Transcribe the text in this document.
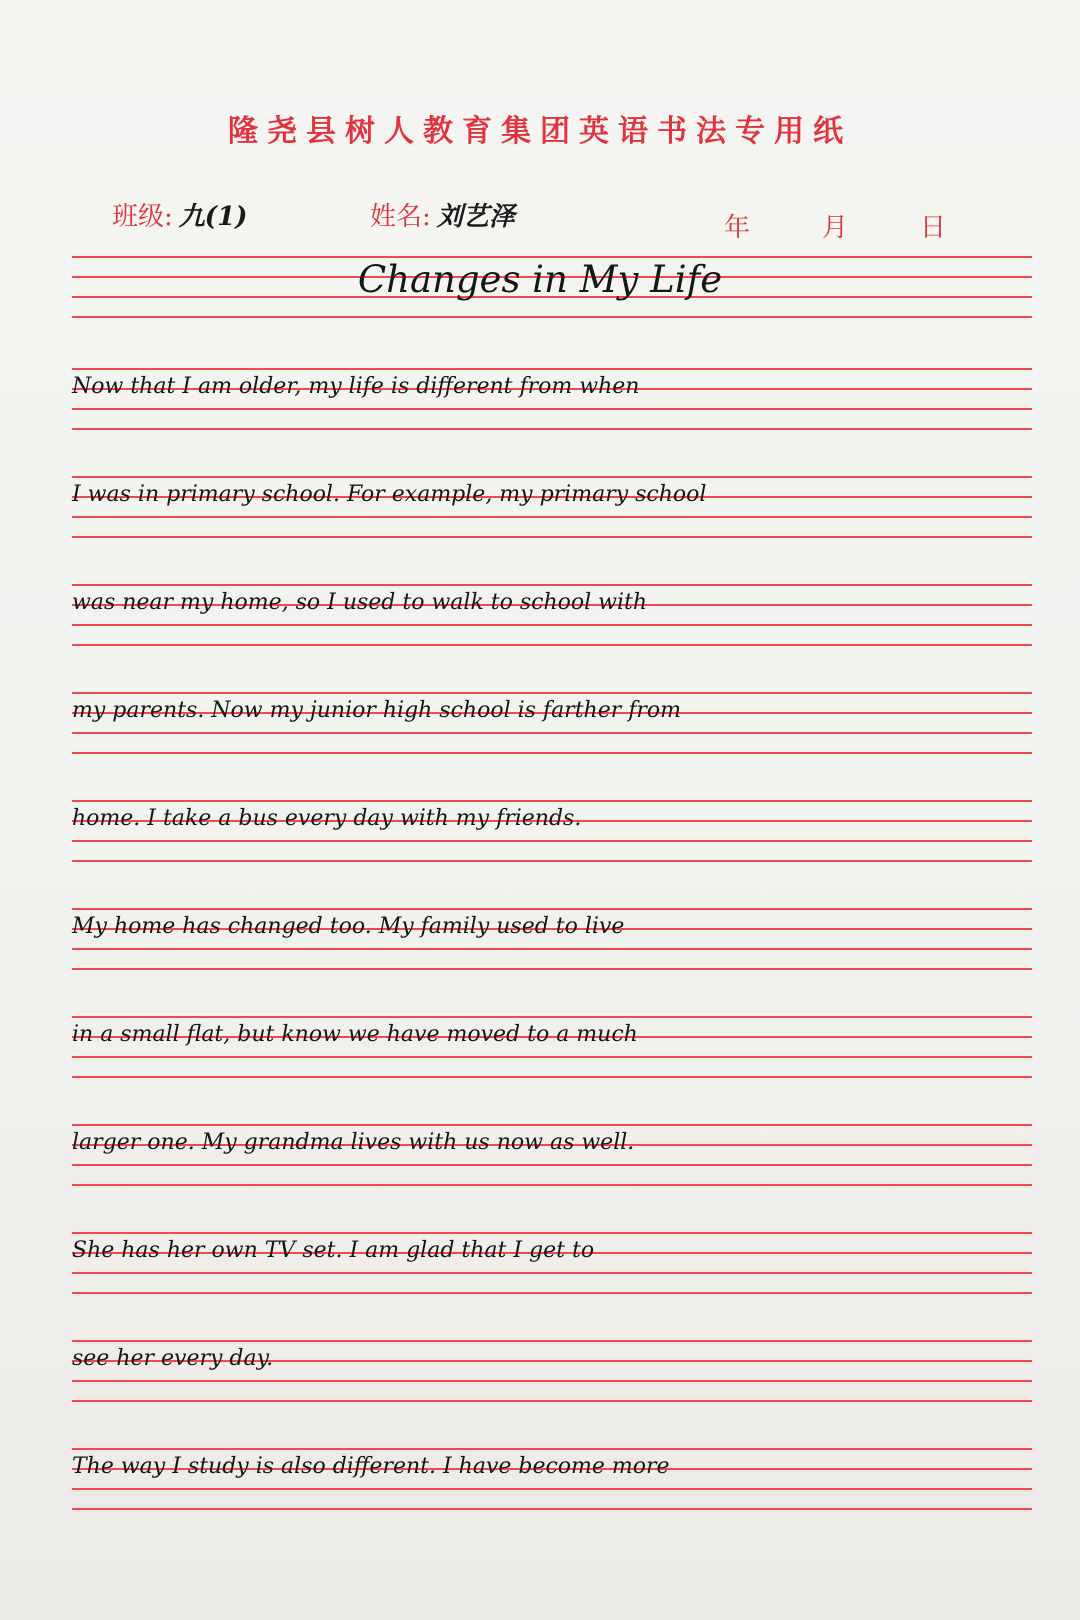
隆尧县树人教育集团英语书法专用纸
班级: 九(1)	姓名: 刘艺泽	年	月	日
Changes in My Life
Now that I am older, my life is different from when
I was in primary school. For example, my primary school
was near my home, so I used to walk to school with
my parents. Now my junior high school is farther from
home. I take a bus every day with my friends.
My home has changed too. My family used to live
in a small flat, but know we have moved to a much
larger one. My grandma lives with us now as well.
She has her own TV set. I am glad that I get to
see her every day.
The way I study is also different. I have become more
